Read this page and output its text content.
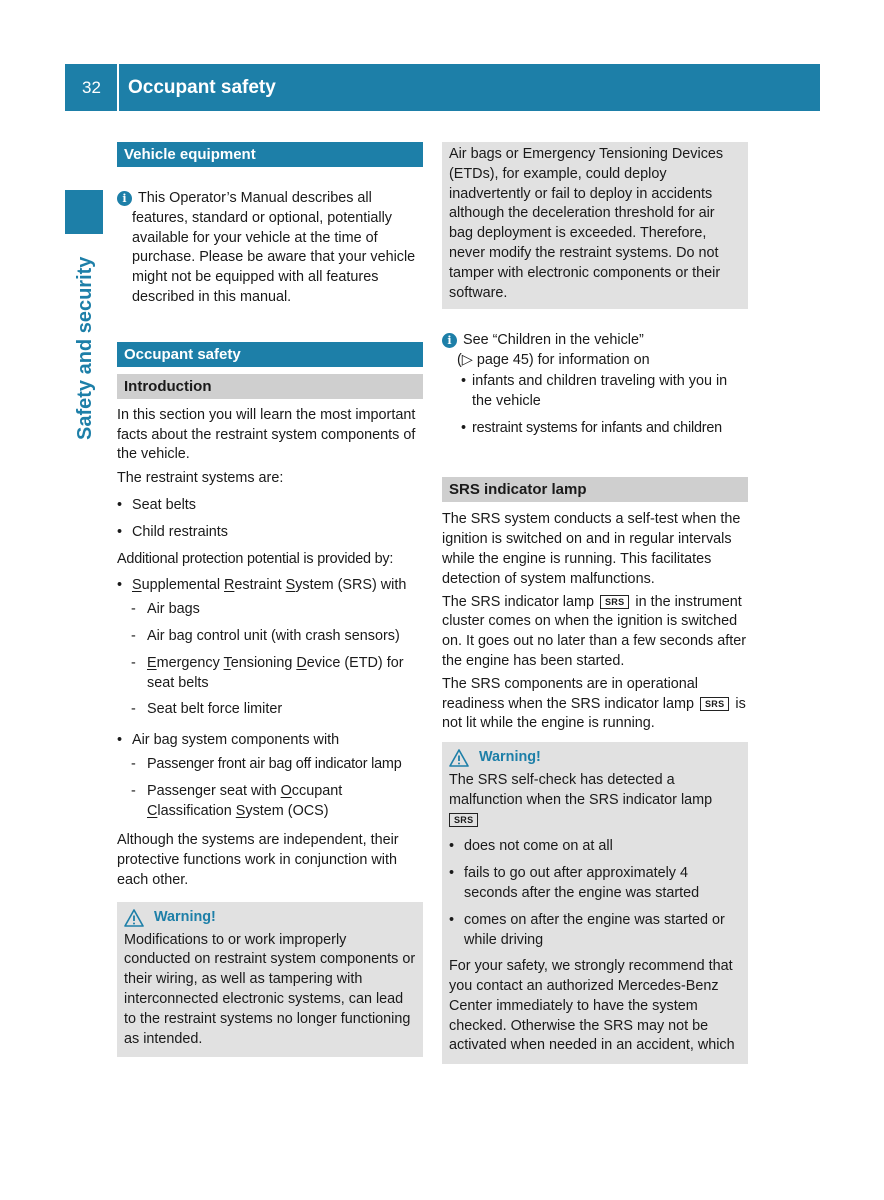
32	Occupant safety
Safety and security
Vehicle equipment
i This Operator’s Manual describes all

features, standard or optional, potentially available for your vehicle at the time of purchase. Please be aware that your vehicle might not be equipped with all features described in this manual.

Occupant safety
Introduction

In this section you will learn the most important facts about the restraint system components of the vehicle.

The restraint systems are:

• Seat belts
• Child restraints

Additional protection potential is provided by:

• Supplemental Restraint System (SRS) with
- Air bags
- Air bag control unit (with crash sensors)
- Emergency Tensioning Device (ETD) for seat belts
- Seat belt force limiter
• Air bag system components with
- Passenger front air bag off indicator lamp
- Passenger seat with Occupant
Classification System (OCS)

Although the systems are independent, their protective functions work in conjunction with each other.

Warning!

Modifications to or work improperly conducted on restraint system components or their wiring, as well as tampering with interconnected electronic systems, can lead to the restraint systems no longer functioning as intended.

Air bags or Emergency Tensioning Devices (ETDs), for example, could deploy inadvertently or fail to deploy in accidents although the deceleration threshold for air bag deployment is exceeded. Therefore, never modify the restraint systems. Do not tamper with electronic components or their software.

i See “Children in the vehicle”

(▷ page 45) for information on

• infants and children traveling with you in the vehicle
• restraint systems for infants and children
SRS indicator lamp

The SRS system conducts a self-test when the ignition is switched on and in regular intervals while the engine is running. This facilitates detection of system malfunctions.

The SRS indicator lamp SRS in the instrument cluster comes on when the ignition is switched on. It goes out no later than a few seconds after the engine has been started.

The SRS components are in operational readiness when the SRS indicator lamp SRS is not lit while the engine is running.

Warning!

The SRS self-check has detected a malfunction when the SRS indicator lamp
SRS

• does not come on at all
• fails to go out after approximately 4 seconds after the engine was started
• comes on after the engine was started or while driving

For your safety, we strongly recommend that you contact an authorized Mercedes-Benz Center immediately to have the system checked. Otherwise the SRS may not be activated when needed in an accident, which
